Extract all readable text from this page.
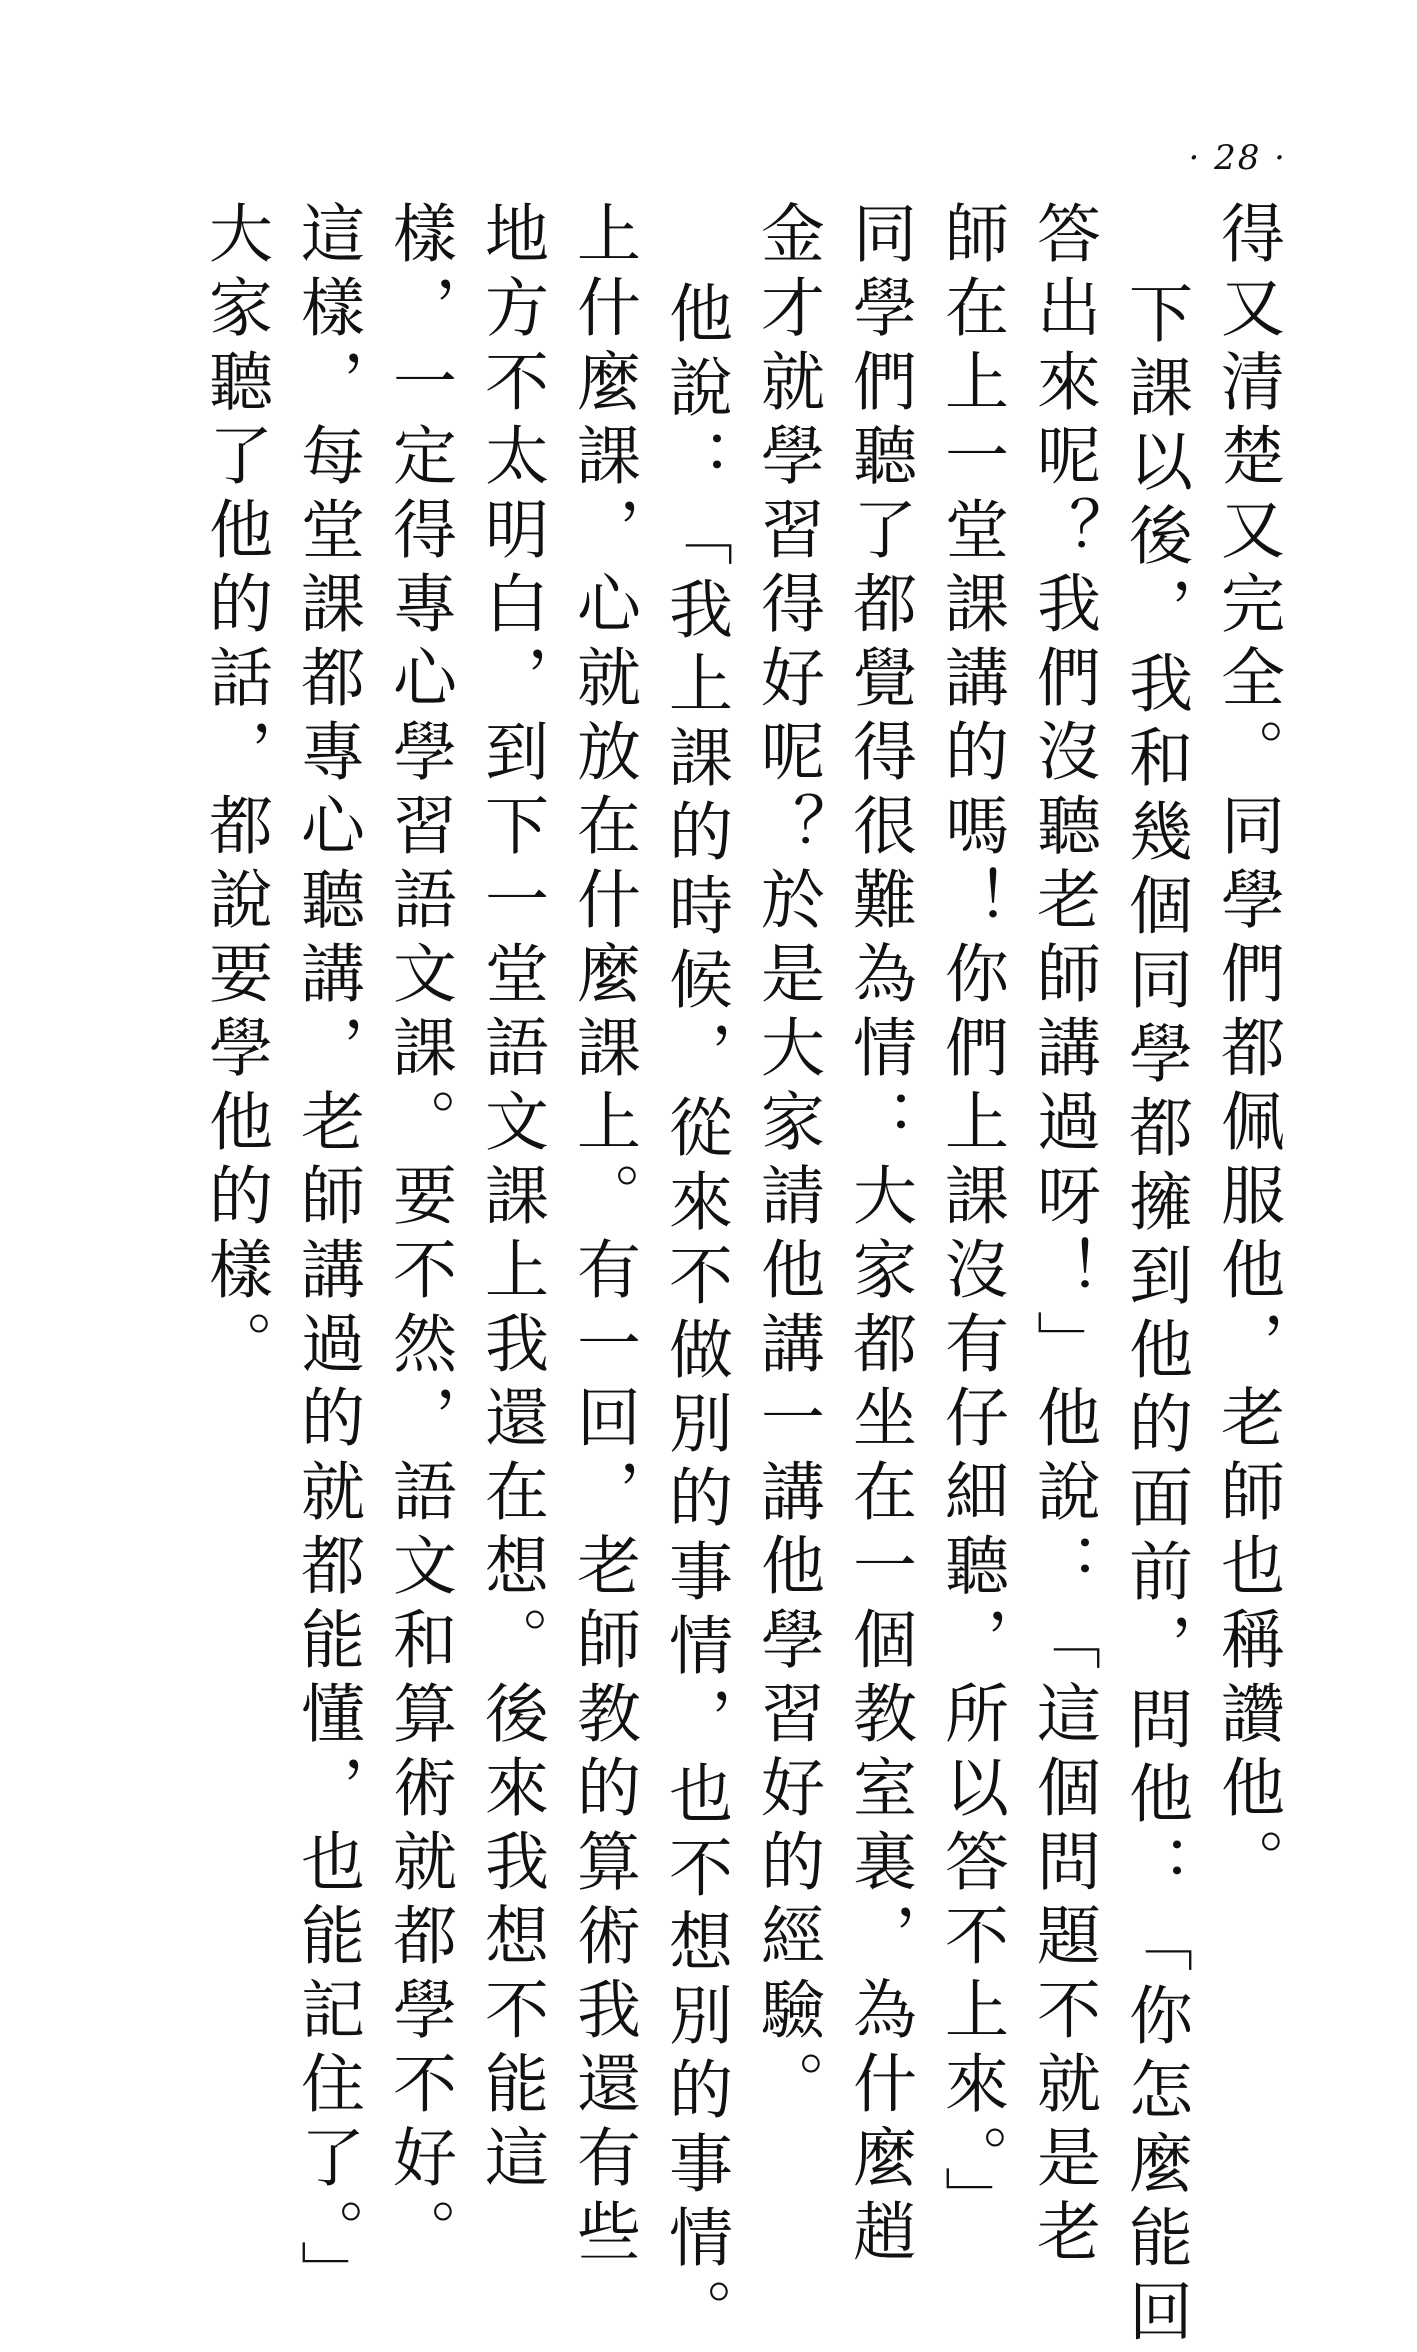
· 28 ·
得又清楚又完全。同學們都佩服他，老師也稱讚他。
下課以後，我和幾個同學都擁到他的面前，問他：「你怎麼能回
答出來呢？我們沒聽老師講過呀！」他說：「這個問題不就是老
師在上一堂課講的嗎！你們上課沒有仔細聽，所以答不上來。」
同學們聽了都覺得很難為情：大家都坐在一個教室裏，為什麼趙
金才就學習得好呢？於是大家請他講一講他學習好的經驗。
他說：「我上課的時候，從來不做別的事情，也不想別的事情。
上什麼課，心就放在什麼課上。有一回，老師教的算術我還有些
地方不太明白，到下一堂語文課上我還在想。後來我想不能這
樣，一定得專心學習語文課。要不然，語文和算術就都學不好。
這樣，每堂課都專心聽講，老師講過的就都能懂，也能記住了。」
大家聽了他的話，都說要學他的樣。
